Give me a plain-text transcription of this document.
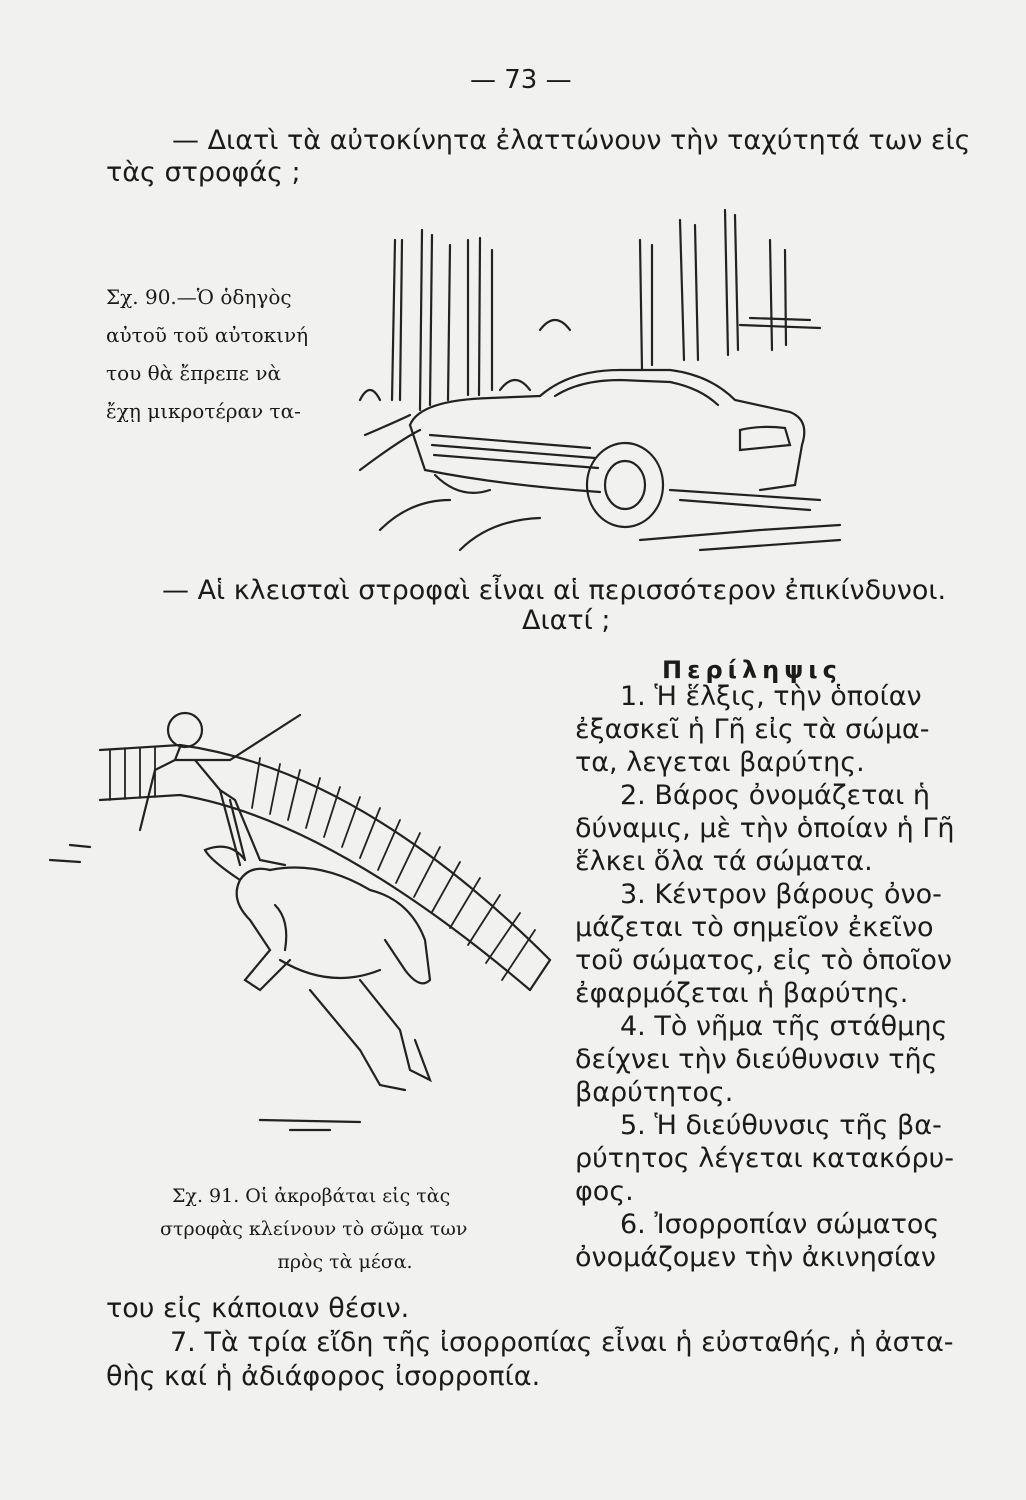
— 73 —
— Διατὶ τὰ αὐτοκίνητα ἐλαττώνουν τὴν ταχύτητά των εἰς
τὰς στροφάς ;
Σχ. 90.—Ὁ ὁδηγὸς
αὐτοῦ τοῦ αὐτοκινή
του θὰ ἔπρεπε νὰ
ἔχῃ μικροτέραν τα-
— Αἱ κλεισταὶ στροφαὶ εἶναι αἱ περισσότερον ἐπικίνδυνοι.
Διατί ;
Περίληψις
1. Ἡ ἕλξις, τὴν ὁποίαν
ἐξασκεῖ ἡ Γῆ εἰς τὰ σώμα-
τα, λεγεται βαρύτης.
2. Βάρος ὀνομάζεται ἡ
δύναμις, μὲ τὴν ὁποίαν ἡ Γῆ
ἕλκει ὅλα τά σώματα.
3. Κέντρον βάρους ὀνο-
μάζεται τὸ σημεῖον ἐκεῖνο
τοῦ σώματος, εἰς τὸ ὁποῖον
ἐφαρμόζεται ἡ βαρύτης.
4. Τὸ νῆμα τῆς στάθμης
δείχνει τὴν διεύθυνσιν τῆς
βαρύτητος.
5. Ἡ διεύθυνσις τῆς βα-
ρύτητος λέγεται κατακόρυ-
φος.
6. Ἰσορροπίαν σώματος
ὀνομάζομεν τὴν ἀκινησίαν
Σχ. 91. Οἱ ἀκροβάται εἰς τὰς
στροφὰς κλείνουν τὸ σῶμα των
πρὸς τὰ μέσα.
του εἰς κάποιαν θέσιν.
7. Τὰ τρία εἴδη τῆς ἰσορροπίας εἶναι ἡ εὐσταθής, ἡ ἀστα-
θὴς καί ἡ ἀδιάφορος ἰσορροπία.
